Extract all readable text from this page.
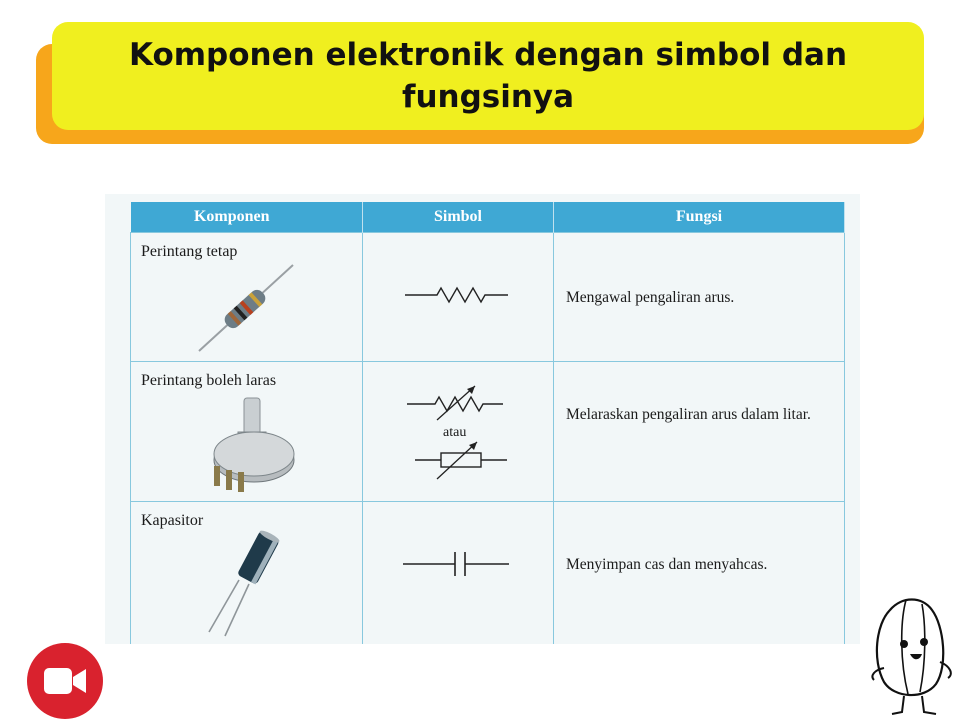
Komponen elektronik dengan simbol dan fungsinya

Komponen	Simbol	Fungsi

Perintang tetap		Mengawal pengaliran arus.

Perintang boleh laras	atau	Melaraskan pengaliran arus dalam litar.

Kapasitor		Menyimpan cas dan menyahcas.
